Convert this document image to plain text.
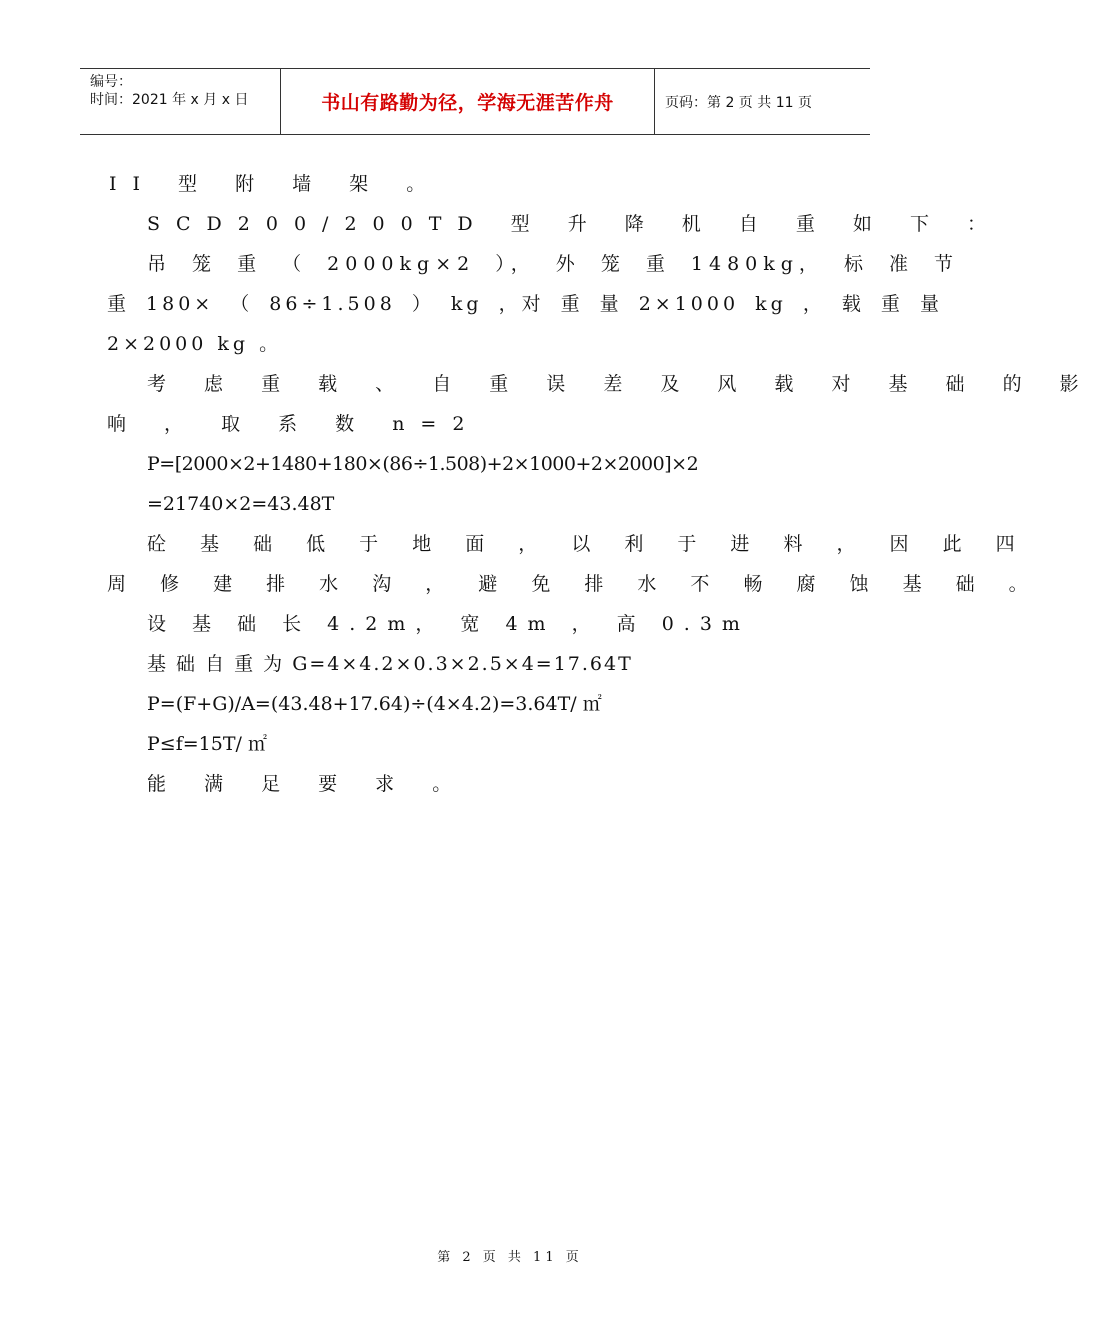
编号：
时间：2021 年 x 月 x 日	书山有路勤为径，学海无涯苦作舟	页码：第 2 页 共 11 页
II 型 附 墙 架 。
SCD200/200TD 型 升 降 机 自 重 如 下 ：
吊 笼 重 （ 2000kg×2 ）， 外 笼 重 1480kg， 标 准 节
重 180× （ 86÷1.508 ） kg ，对 重 量 2×1000 kg ， 载 重 量
2×2000 kg 。
考 虑 重 载 、 自 重 误 差 及 风 载 对 基 础 的 影
响 ， 取 系 数 n=2
P=[2000×2+1480+180×(86÷1.508)+2×1000+2×2000]×2
=21740×2=43.48T
砼 基 础 低 于 地 面 ， 以 利 于 进 料 ， 因 此 四
周 修 建 排 水 沟 ， 避 免 排 水 不 畅 腐 蚀 基 础 。
设 基 础 长 4.2m， 宽 4m ， 高 0.3m
基 础 自 重 为 G=4×4.2×0.3×2.5×4=17.64T
P=(F+G)/A=(43.48+17.64)÷(4×4.2)=3.64T/ ㎡
P≤f=15T/ ㎡
能 满 足 要 求 。
第 2 页 共 11 页
